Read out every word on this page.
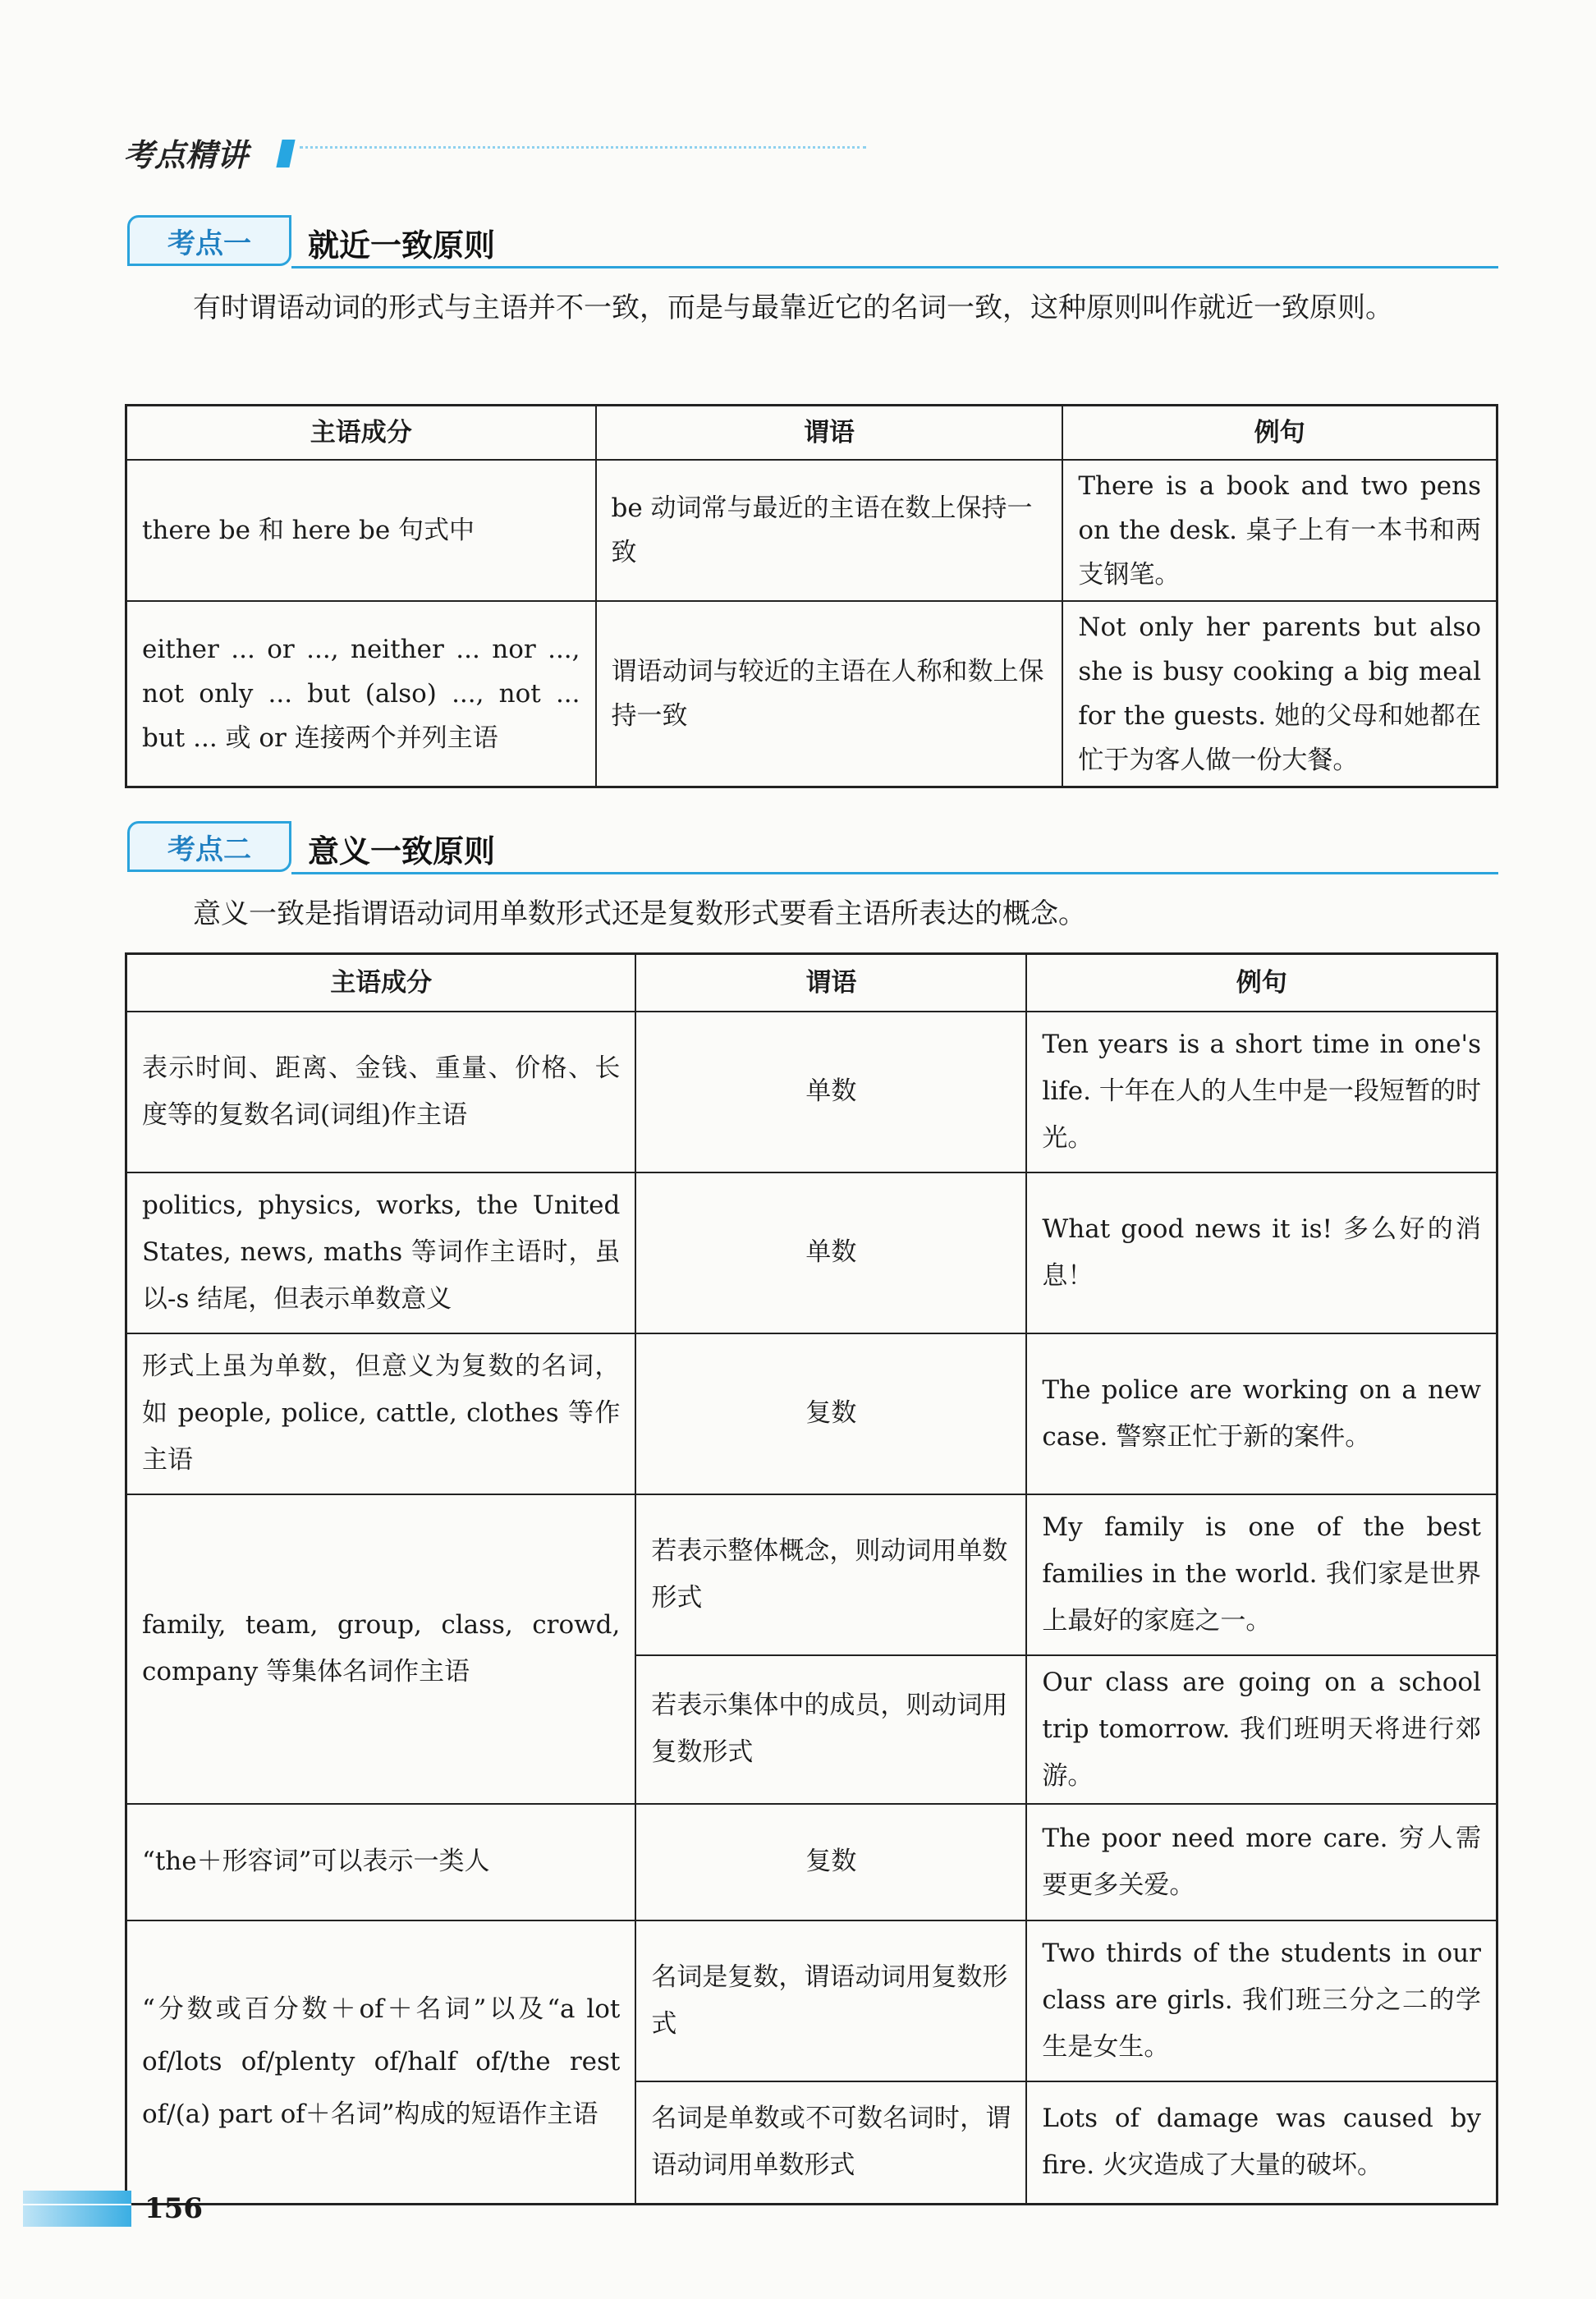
考点精讲
考点一	就近一致原则
有时谓语动词的形式与主语并不一致，而是与最靠近它的名词一致，这种原则叫作就近一致原则。
主语成分	谓语	例句
there be 和 here be 句式中	be 动词常与最近的主语在数上保持一致	There is a book and two pens on the desk. 桌子上有一本书和两支钢笔。
either ... or ..., neither ... nor ..., not only ... but (also) ..., not ... but ... 或 or 连接两个并列主语	谓语动词与较近的主语在人称和数上保持一致	Not only her parents but also she is busy cooking a big meal for the guests. 她的父母和她都在忙于为客人做一份大餐。
考点二	意义一致原则
意义一致是指谓语动词用单数形式还是复数形式要看主语所表达的概念。
主语成分	谓语	例句
表示时间、距离、金钱、重量、价格、长度等的复数名词(词组)作主语	单数	Ten years is a short time in one's life. 十年在人的人生中是一段短暂的时光。
politics, physics, works, the United States, news, maths 等词作主语时，虽以-s 结尾，但表示单数意义	单数	What good news it is! 多么好的消息！
形式上虽为单数，但意义为复数的名词，如 people, police, cattle, clothes 等作主语	复数	The police are working on a new case. 警察正忙于新的案件。
family, team, group, class, crowd, company 等集体名词作主语	若表示整体概念，则动词用单数形式	My family is one of the best families in the world. 我们家是世界上最好的家庭之一。
	若表示集体中的成员，则动词用复数形式	Our class are going on a school trip tomorrow. 我们班明天将进行郊游。
“the＋形容词”可以表示一类人	复数	The poor need more care. 穷人需要更多关爱。
“分数或百分数＋of＋名词”以及“a lot of/lots of/plenty of/half of/the rest of/(a) part of＋名词”构成的短语作主语	名词是复数，谓语动词用复数形式	Two thirds of the students in our class are girls. 我们班三分之二的学生是女生。
	名词是单数或不可数名词时，谓语动词用单数形式	Lots of damage was caused by fire. 火灾造成了大量的破坏。
156
